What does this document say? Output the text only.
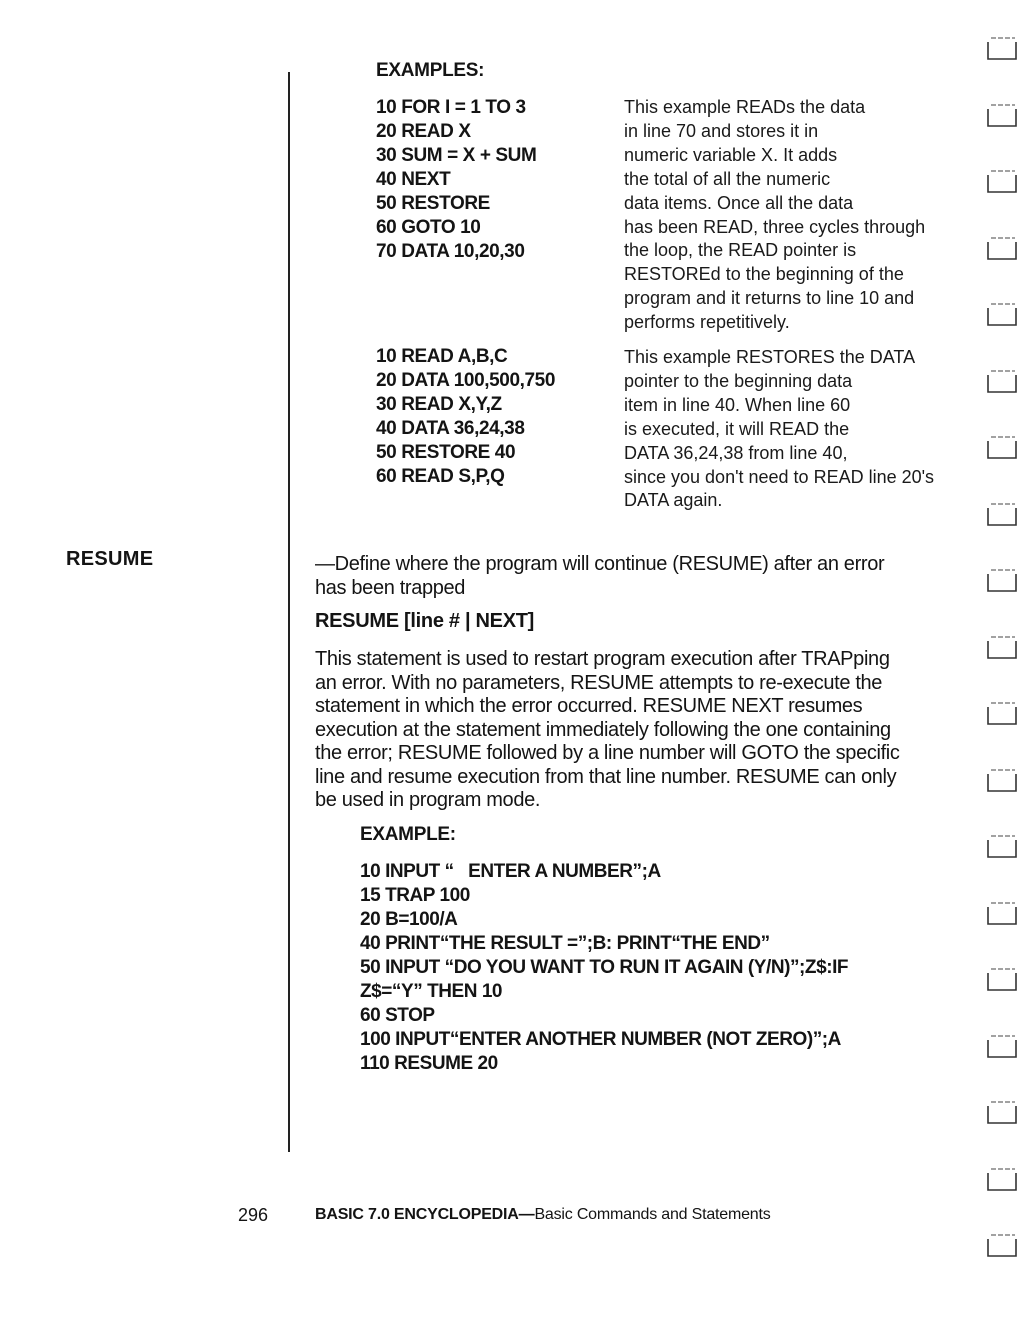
EXAMPLES:
10 FOR I = 1 TO 3
20 READ X
30 SUM = X + SUM
40 NEXT
50 RESTORE
60 GOTO 10
70 DATA 10,20,30
This example READs the data
in line 70 and stores it in
numeric variable X. It adds
the total of all the numeric
data items. Once all the data
has been READ, three cycles through
the loop, the READ pointer is
RESTOREd to the beginning of the
program and it returns to line 10 and
performs repetitively.
10 READ A,B,C
20 DATA 100,500,750
30 READ X,Y,Z
40 DATA 36,24,38
50 RESTORE 40
60 READ S,P,Q
This example RESTORES the DATA
pointer to the beginning data
item in line 40. When line 60
is executed, it will READ the
DATA 36,24,38 from line 40,
since you don't need to READ line 20's
DATA again.
RESUME	—Define where the program will continue (RESUME) after an error
has been trapped
RESUME [line # | NEXT]
This statement is used to restart program execution after TRAPping
an error. With no parameters, RESUME attempts to re-execute the
statement in which the error occurred. RESUME NEXT resumes
execution at the statement immediately following the one containing
the error; RESUME followed by a line number will GOTO the specific
line and resume execution from that line number. RESUME can only
be used in program mode.
EXAMPLE:
10 INPUT “   ENTER A NUMBER”;A
15 TRAP 100
20 B=100/A
40 PRINT“THE RESULT =”;B: PRINT“THE END”
50 INPUT “DO YOU WANT TO RUN IT AGAIN (Y/N)”;Z$:IF
Z$=“Y” THEN 10
60 STOP
100 INPUT“ENTER ANOTHER NUMBER (NOT ZERO)”;A
110 RESUME 20
296	BASIC 7.0 ENCYCLOPEDIA—Basic Commands and Statements
